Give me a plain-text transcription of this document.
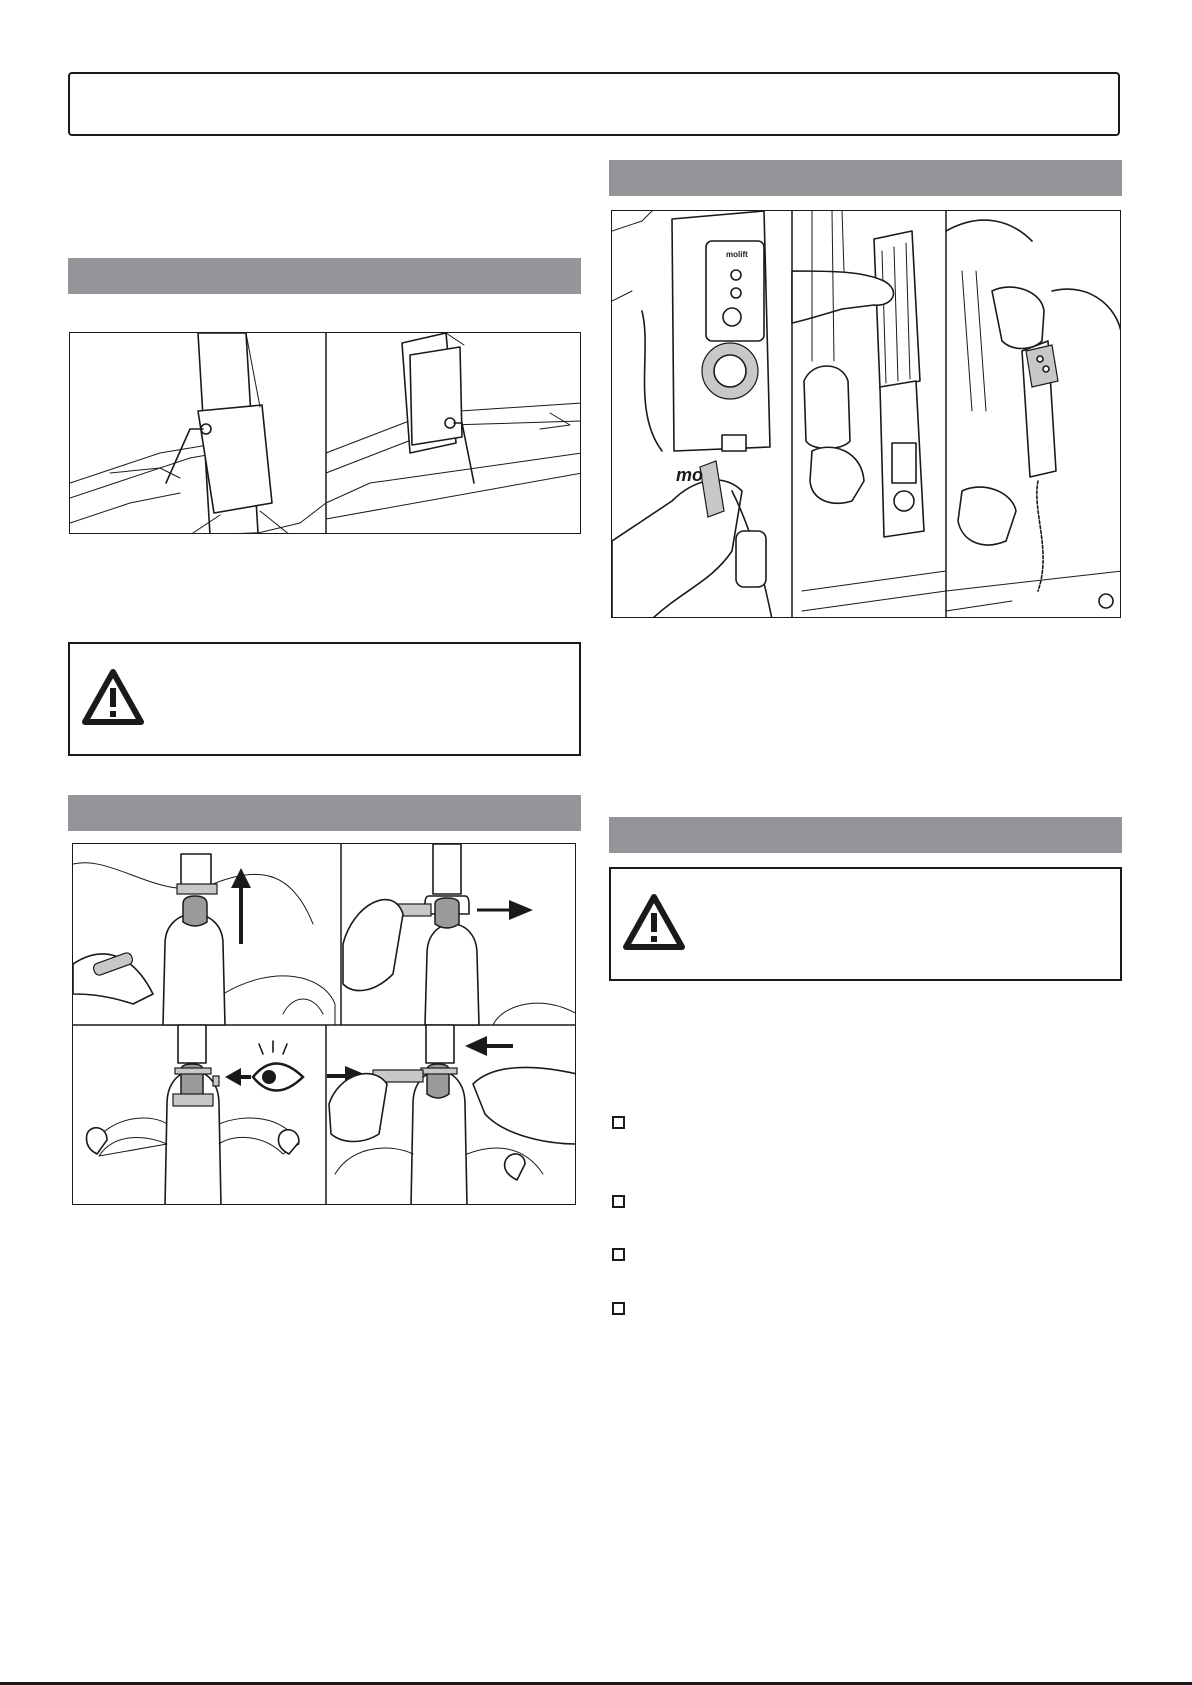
molift
mo
